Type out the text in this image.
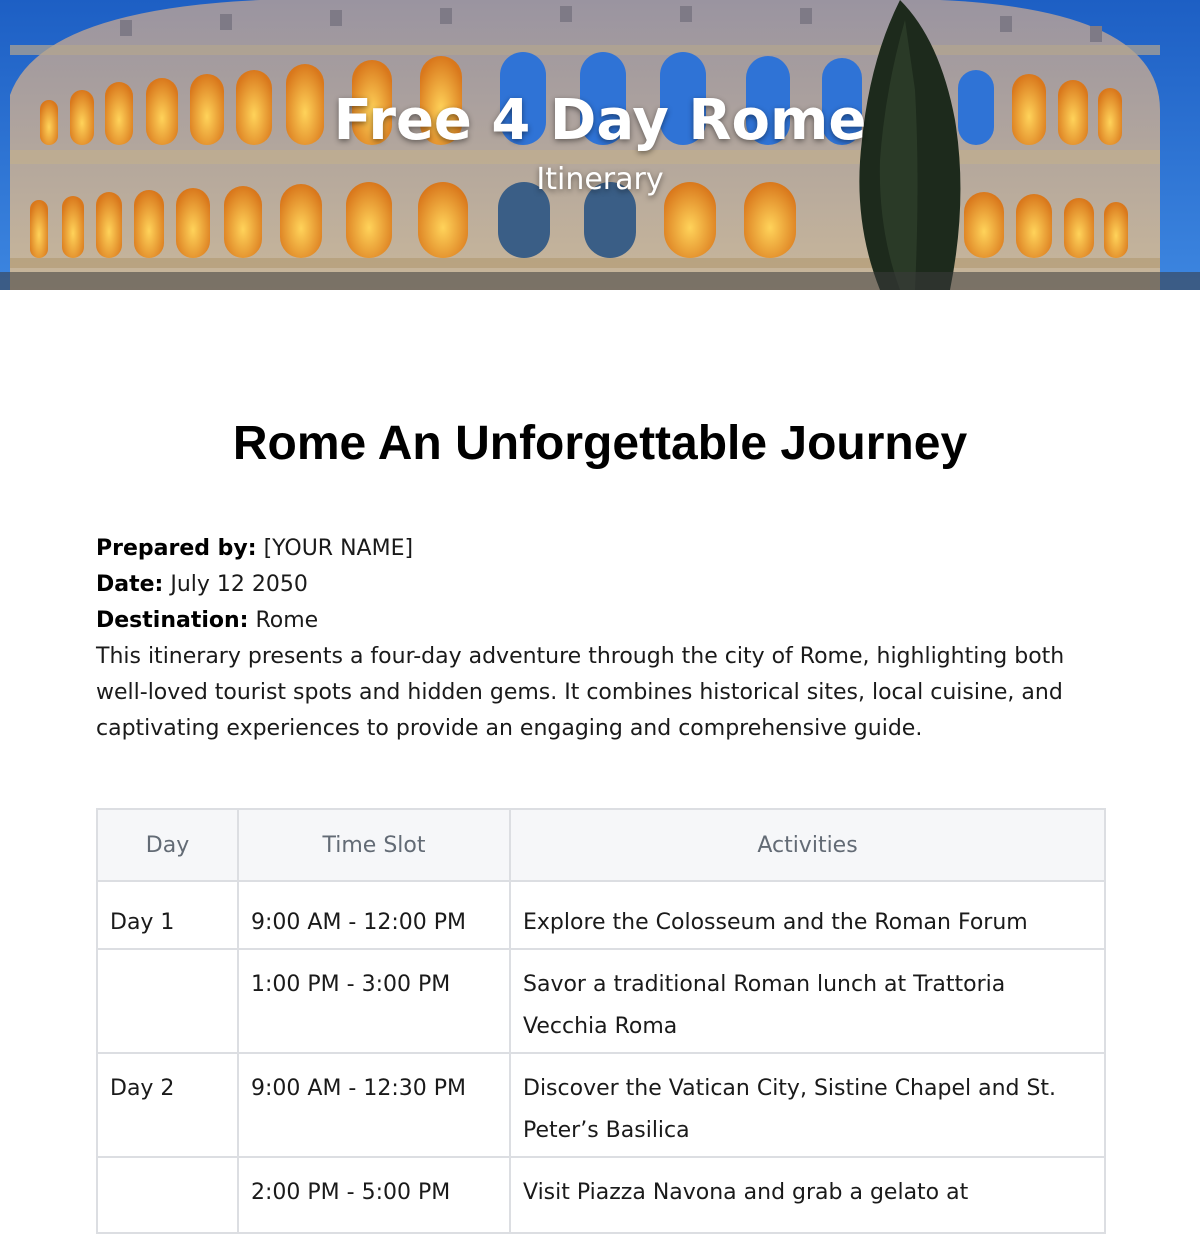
Free 4 Day Rome
Itinerary
Rome An Unforgettable Journey
Prepared by: [YOUR NAME]
Date: July 12 2050
Destination: Rome

This itinerary presents a four-day adventure through the city of Rome, highlighting both well-loved tourist spots and hidden gems. It combines historical sites, local cuisine, and captivating experiences to provide an engaging and comprehensive guide.

Day	Time Slot	Activities
Day 1	9:00 AM - 12:00 PM	Explore the Colosseum and the Roman Forum
	1:00 PM - 3:00 PM	Savor a traditional Roman lunch at Trattoria Vecchia Roma
Day 2	9:00 AM - 12:30 PM	Discover the Vatican City, Sistine Chapel and St. Peter’s Basilica
	2:00 PM - 5:00 PM	Visit Piazza Navona and grab a gelato at
